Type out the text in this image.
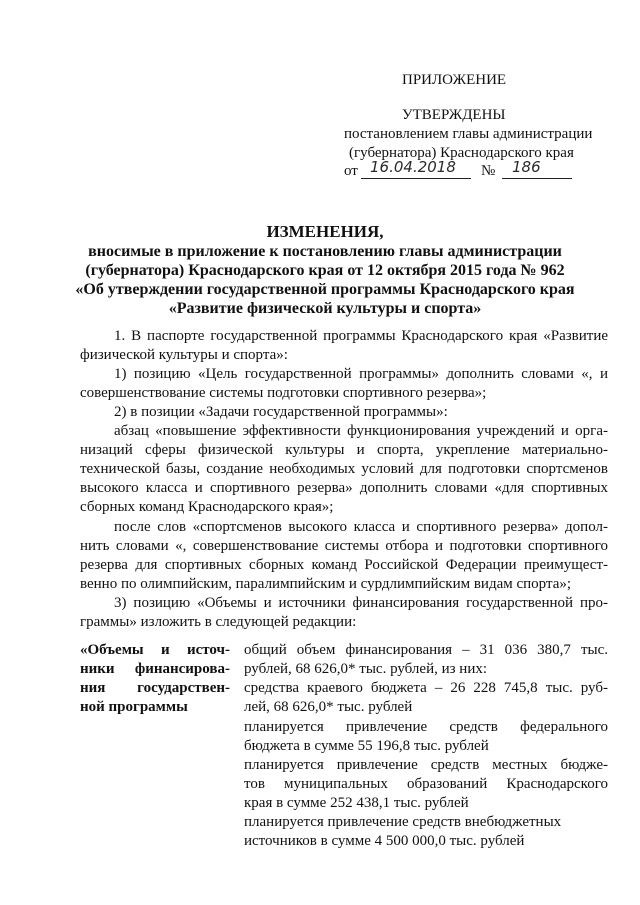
ПРИЛОЖЕНИЕ
УТВЕРЖДЕНЫ
постановлением главы администрации
(губернатора) Краснодарского края
от 16.04.2018 № 186
ИЗМЕНЕНИЯ,
вносимые в приложение к постановлению главы администрации
(губернатора) Краснодарского края от 12 октября 2015 года № 962
«Об утверждении государственной программы Краснодарского края
«Развитие физической культуры и спорта»
1. В паспорте государственной программы Краснодарского края «Развитие
физической культуры и спорта»:
1) позицию «Цель государственной программы» дополнить словами «, и
совершенствование системы подготовки спортивного резерва»;
2) в позиции «Задачи государственной программы»:
абзац «повышение эффективности функционирования учреждений и орга-
низаций сферы физической культуры и спорта, укрепление материально-
технической базы, создание необходимых условий для подготовки спортсменов
высокого класса и спортивного резерва» дополнить словами «для спортивных
сборных команд Краснодарского края»;
после слов «спортсменов высокого класса и спортивного резерва» допол-
нить словами «, совершенствование системы отбора и подготовки спортивного
резерва для спортивных сборных команд Российской Федерации преимущест-
венно по олимпийским, паралимпийским и сурдлимпийским видам спорта»;
3) позицию «Объемы и источники финансирования государственной про-
граммы» изложить в следующей редакции:
«Объемы и источ-
ники финансирова-
ния государствен-
ной программы
общий объем финансирования – 31 036 380,7 тыс.
рублей, 68 626,0* тыс. рублей, из них:
средства краевого бюджета – 26 228 745,8 тыс. руб-
лей, 68 626,0* тыс. рублей
планируется привлечение средств федерального
бюджета в сумме 55 196,8 тыс. рублей
планируется привлечение средств местных бюдже-
тов муниципальных образований Краснодарского
края в сумме 252 438,1 тыс. рублей
планируется привлечение средств внебюджетных
источников в сумме 4 500 000,0 тыс. рублей
